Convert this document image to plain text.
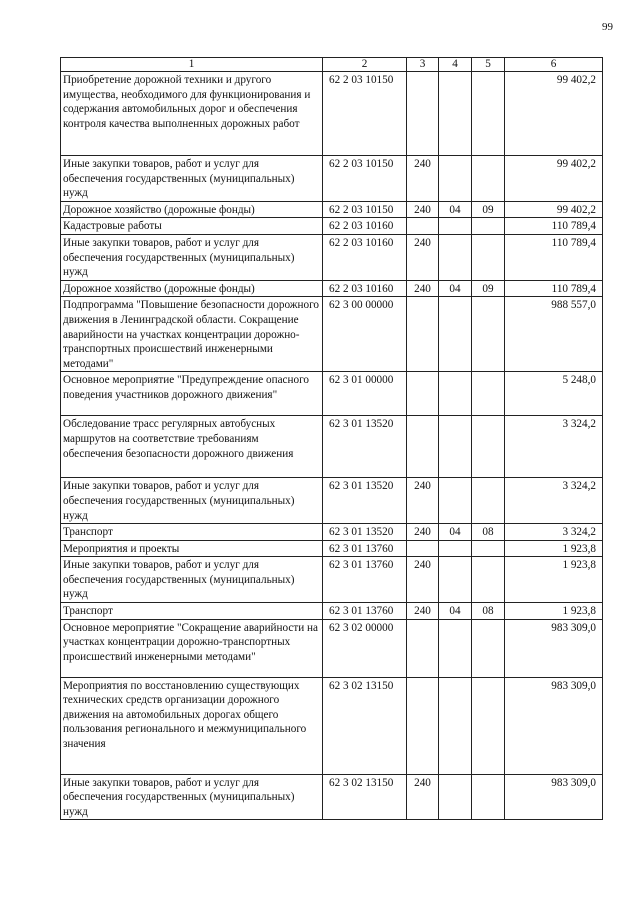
99
1	2	3	4	5	6
Приобретение дорожной техники и другого имущества, необходимого для функционирования и содержания автомобильных дорог и обеспечения контроля качества выполненных дорожных работ	62 2 03 10150				99 402,2
Иные закупки товаров, работ и услуг для обеспечения государственных (муниципальных) нужд	62 2 03 10150	240			99 402,2
Дорожное хозяйство (дорожные фонды)	62 2 03 10150	240	04	09	99 402,2
Кадастровые работы	62 2 03 10160				110 789,4
Иные закупки товаров, работ и услуг для обеспечения государственных (муниципальных) нужд	62 2 03 10160	240			110 789,4
Дорожное хозяйство (дорожные фонды)	62 2 03 10160	240	04	09	110 789,4
Подпрограмма "Повышение безопасности дорожного движения в Ленинградской области. Сокращение аварийности на участках концентрации дорожно-транспортных происшествий инженерными методами"	62 3 00 00000				988 557,0
Основное мероприятие "Предупреждение опасного поведения участников дорожного движения"	62 3 01 00000				5 248,0
Обследование трасс регулярных автобусных маршрутов на соответствие требованиям обеспечения безопасности дорожного движения	62 3 01 13520				3 324,2
Иные закупки товаров, работ и услуг для обеспечения государственных (муниципальных) нужд	62 3 01 13520	240			3 324,2
Транспорт	62 3 01 13520	240	04	08	3 324,2
Мероприятия и проекты	62 3 01 13760				1 923,8
Иные закупки товаров, работ и услуг для обеспечения государственных (муниципальных) нужд	62 3 01 13760	240			1 923,8
Транспорт	62 3 01 13760	240	04	08	1 923,8
Основное мероприятие "Сокращение аварийности на участках концентрации дорожно-транспортных происшествий инженерными методами"	62 3 02 00000				983 309,0
Мероприятия по восстановлению существующих технических средств организации дорожного движения на автомобильных дорогах общего пользования регионального и межмуниципального значения	62 3 02 13150				983 309,0
Иные закупки товаров, работ и услуг для обеспечения государственных (муниципальных) нужд	62 3 02 13150	240			983 309,0
